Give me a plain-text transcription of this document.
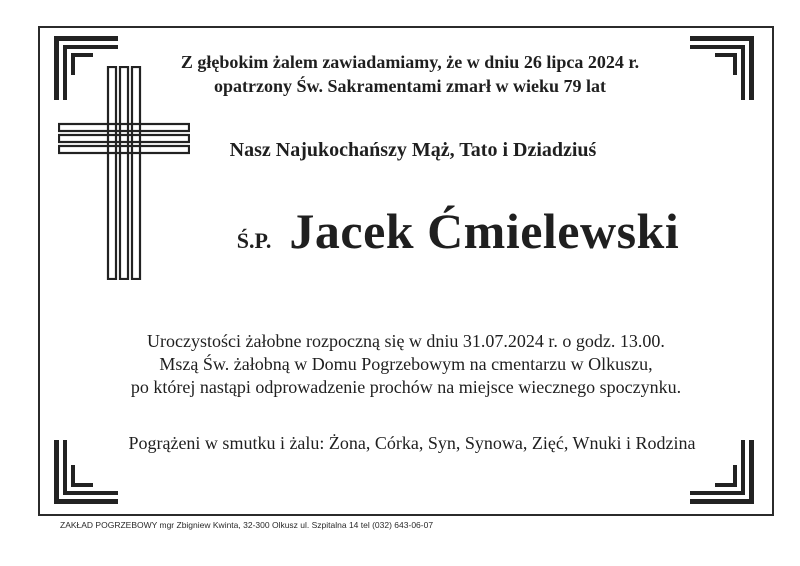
Z głębokim żalem zawiadamiamy, że w dniu 26 lipca 2024 r.
opatrzony Św. Sakramentami zmarł w wieku 79 lat
Nasz Najukochańszy Mąż, Tato i Dziadziuś
Ś.P. Jacek Ćmielewski
Uroczystości żałobne rozpoczną się w dniu 31.07.2024 r. o godz. 13.00.
Mszą Św. żałobną w Domu Pogrzebowym na cmentarzu w Olkuszu,
po której nastąpi odprowadzenie prochów na miejsce wiecznego spoczynku.
Pogrążeni w smutku i żalu: Żona, Córka, Syn, Synowa, Zięć, Wnuki i Rodzina
ZAKŁAD POGRZEBOWY mgr Zbigniew Kwinta, 32-300 Olkusz ul. Szpitalna 14 tel (032) 643-06-07
